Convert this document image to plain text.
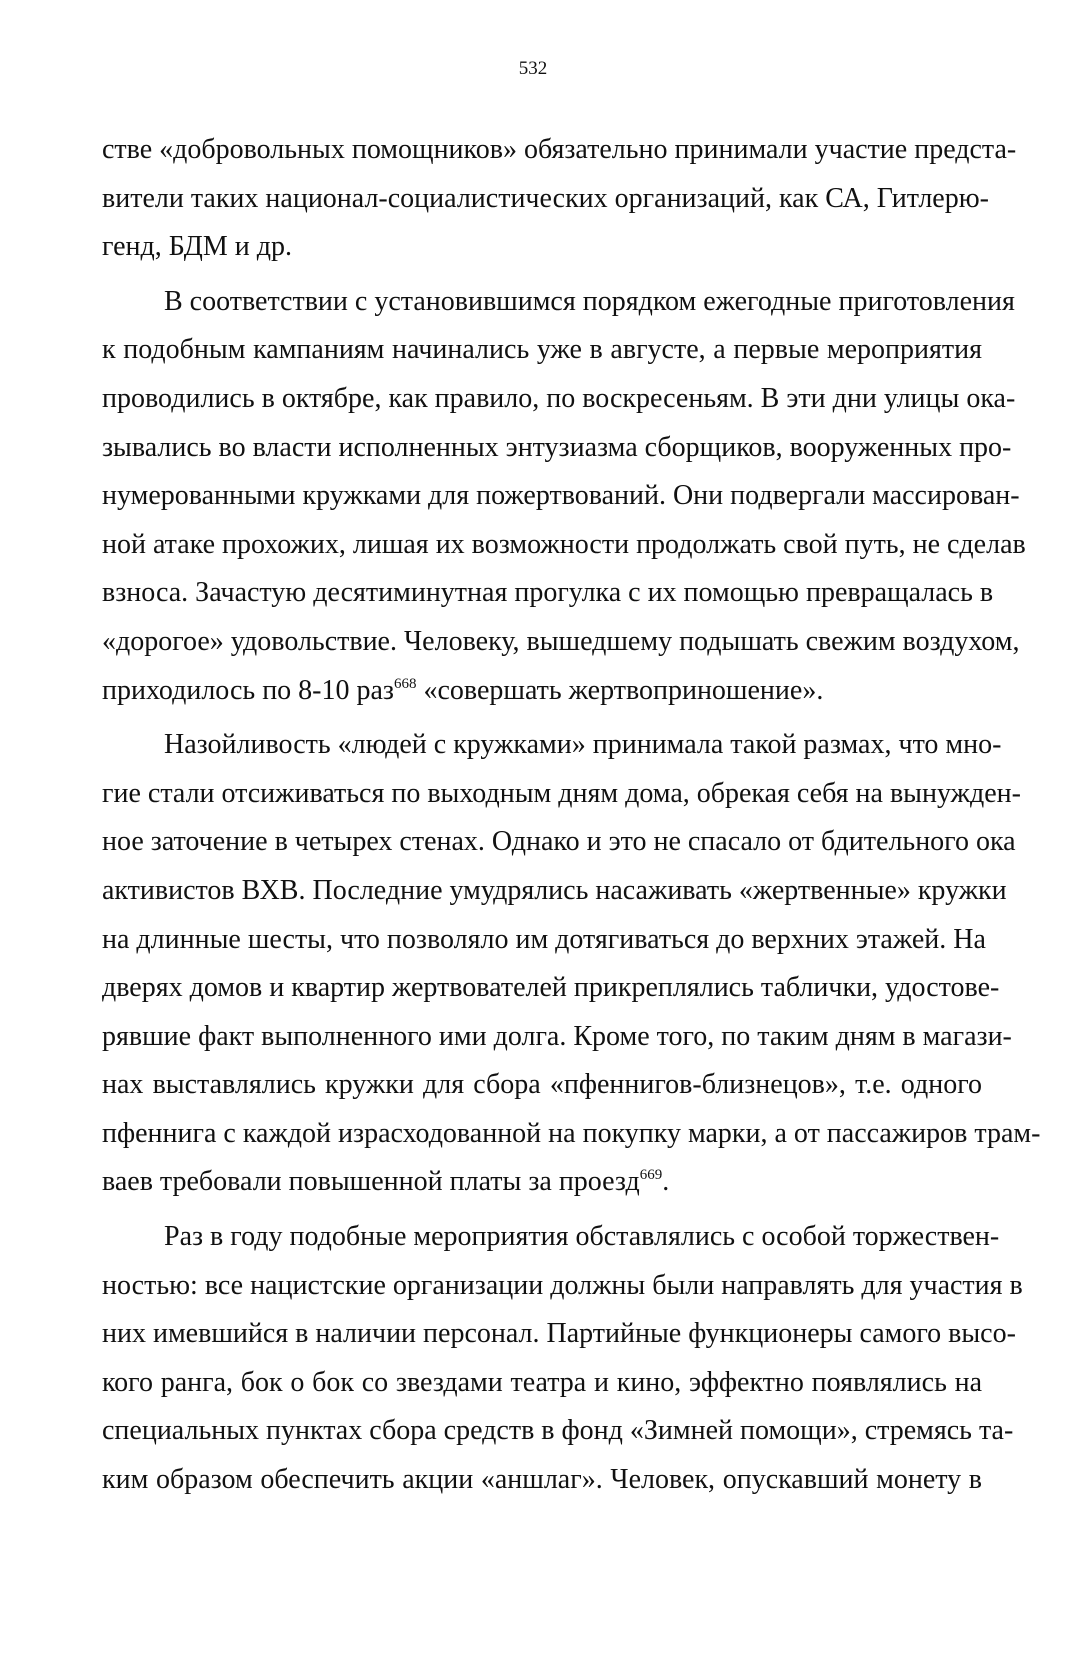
532
стве «добровольных помощников» обязательно принимали участие предста-
вители таких национал-социалистических организаций, как СА, Гитлерю-
генд, БДМ и др.
В соответствии с установившимся порядком ежегодные приготовления
к подобным кампаниям начинались уже в августе, а первые мероприятия
проводились в октябре, как правило, по воскресеньям. В эти дни улицы ока-
зывались во власти исполненных энтузиазма сборщиков, вооруженных про-
нумерованными кружками для пожертвований. Они подвергали массирован-
ной атаке прохожих, лишая их возможности продолжать свой путь, не сделав
взноса. Зачастую десятиминутная прогулка с их помощью превращалась в
«дорогое» удовольствие. Человеку, вышедшему подышать свежим воздухом,
приходилось по 8-10 раз$^{668}$ «совершать жертвоприношение».
Назойливость «людей с кружками» принимала такой размах, что мно-
гие стали отсиживаться по выходным дням дома, обрекая себя на вынужден-
ное заточение в четырех стенах. Однако и это не спасало от бдительного ока
активистов ВХВ. Последние умудрялись насаживать «жертвенные» кружки
на длинные шесты, что позволяло им дотягиваться до верхних этажей. На
дверях домов и квартир жертвователей прикреплялись таблички, удостове-
рявшие факт выполненного ими долга. Кроме того, по таким дням в магази-
нах выставлялись кружки для сбора «пфеннигов-близнецов», т.е. одного
пфеннига с каждой израсходованной на покупку марки, а от пассажиров трам-
ваев требовали повышенной платы за проезд$^{669}$.
Раз в году подобные мероприятия обставлялись с особой торжествен-
ностью: все нацистские организации должны были направлять для участия в
них имевшийся в наличии персонал. Партийные функционеры самого высо-
кого ранга, бок о бок со звездами театра и кино, эффектно появлялись на
специальных пунктах сбора средств в фонд «Зимней помощи», стремясь та-
ким образом обеспечить акции «аншлаг». Человек, опускавший монету в
